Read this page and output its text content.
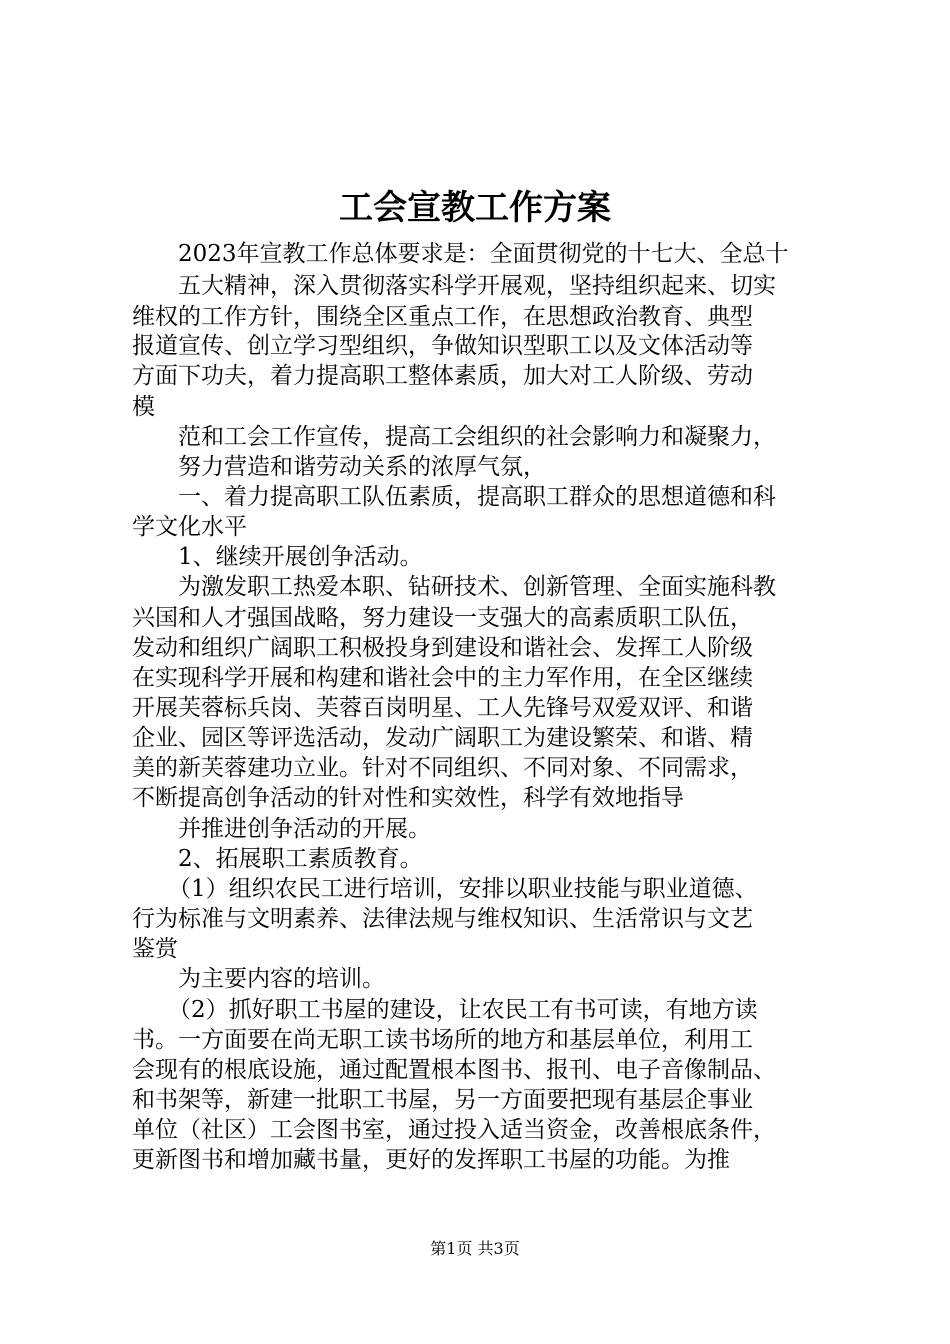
工会宣教工作方案

2023年宣教工作总体要求是：全面贯彻党的十七大、全总十

五大精神，深入贯彻落实科学开展观，坚持组织起来、切实

维权的工作方针，围绕全区重点工作，在思想政治教育、典型

报道宣传、创立学习型组织，争做知识型职工以及文体活动等

方面下功夫，着力提高职工整体素质，加大对工人阶级、劳动

模

范和工会工作宣传，提高工会组织的社会影响力和凝聚力，

努力营造和谐劳动关系的浓厚气氛，

一、着力提高职工队伍素质，提高职工群众的思想道德和科

学文化水平

1、继续开展创争活动。

为激发职工热爱本职、钻研技术、创新管理、全面实施科教

兴国和人才强国战略，努力建设一支强大的高素质职工队伍，

发动和组织广阔职工积极投身到建设和谐社会、发挥工人阶级

在实现科学开展和构建和谐社会中的主力军作用，在全区继续

开展芙蓉标兵岗、芙蓉百岗明星、工人先锋号双爱双评、和谐

企业、园区等评选活动，发动广阔职工为建设繁荣、和谐、精

美的新芙蓉建功立业。针对不同组织、不同对象、不同需求，

不断提高创争活动的针对性和实效性，科学有效地指导

并推进创争活动的开展。

2、拓展职工素质教育。

（1）组织农民工进行培训，安排以职业技能与职业道德、

行为标准与文明素养、法律法规与维权知识、生活常识与文艺

鉴赏

为主要内容的培训。

（2）抓好职工书屋的建设，让农民工有书可读，有地方读

书。一方面要在尚无职工读书场所的地方和基层单位，利用工

会现有的根底设施，通过配置根本图书、报刊、电子音像制品、

和书架等，新建一批职工书屋，另一方面要把现有基层企事业

单位（社区）工会图书室，通过投入适当资金，改善根底条件，

更新图书和增加藏书量，更好的发挥职工书屋的功能。为推

第1页 共3页
